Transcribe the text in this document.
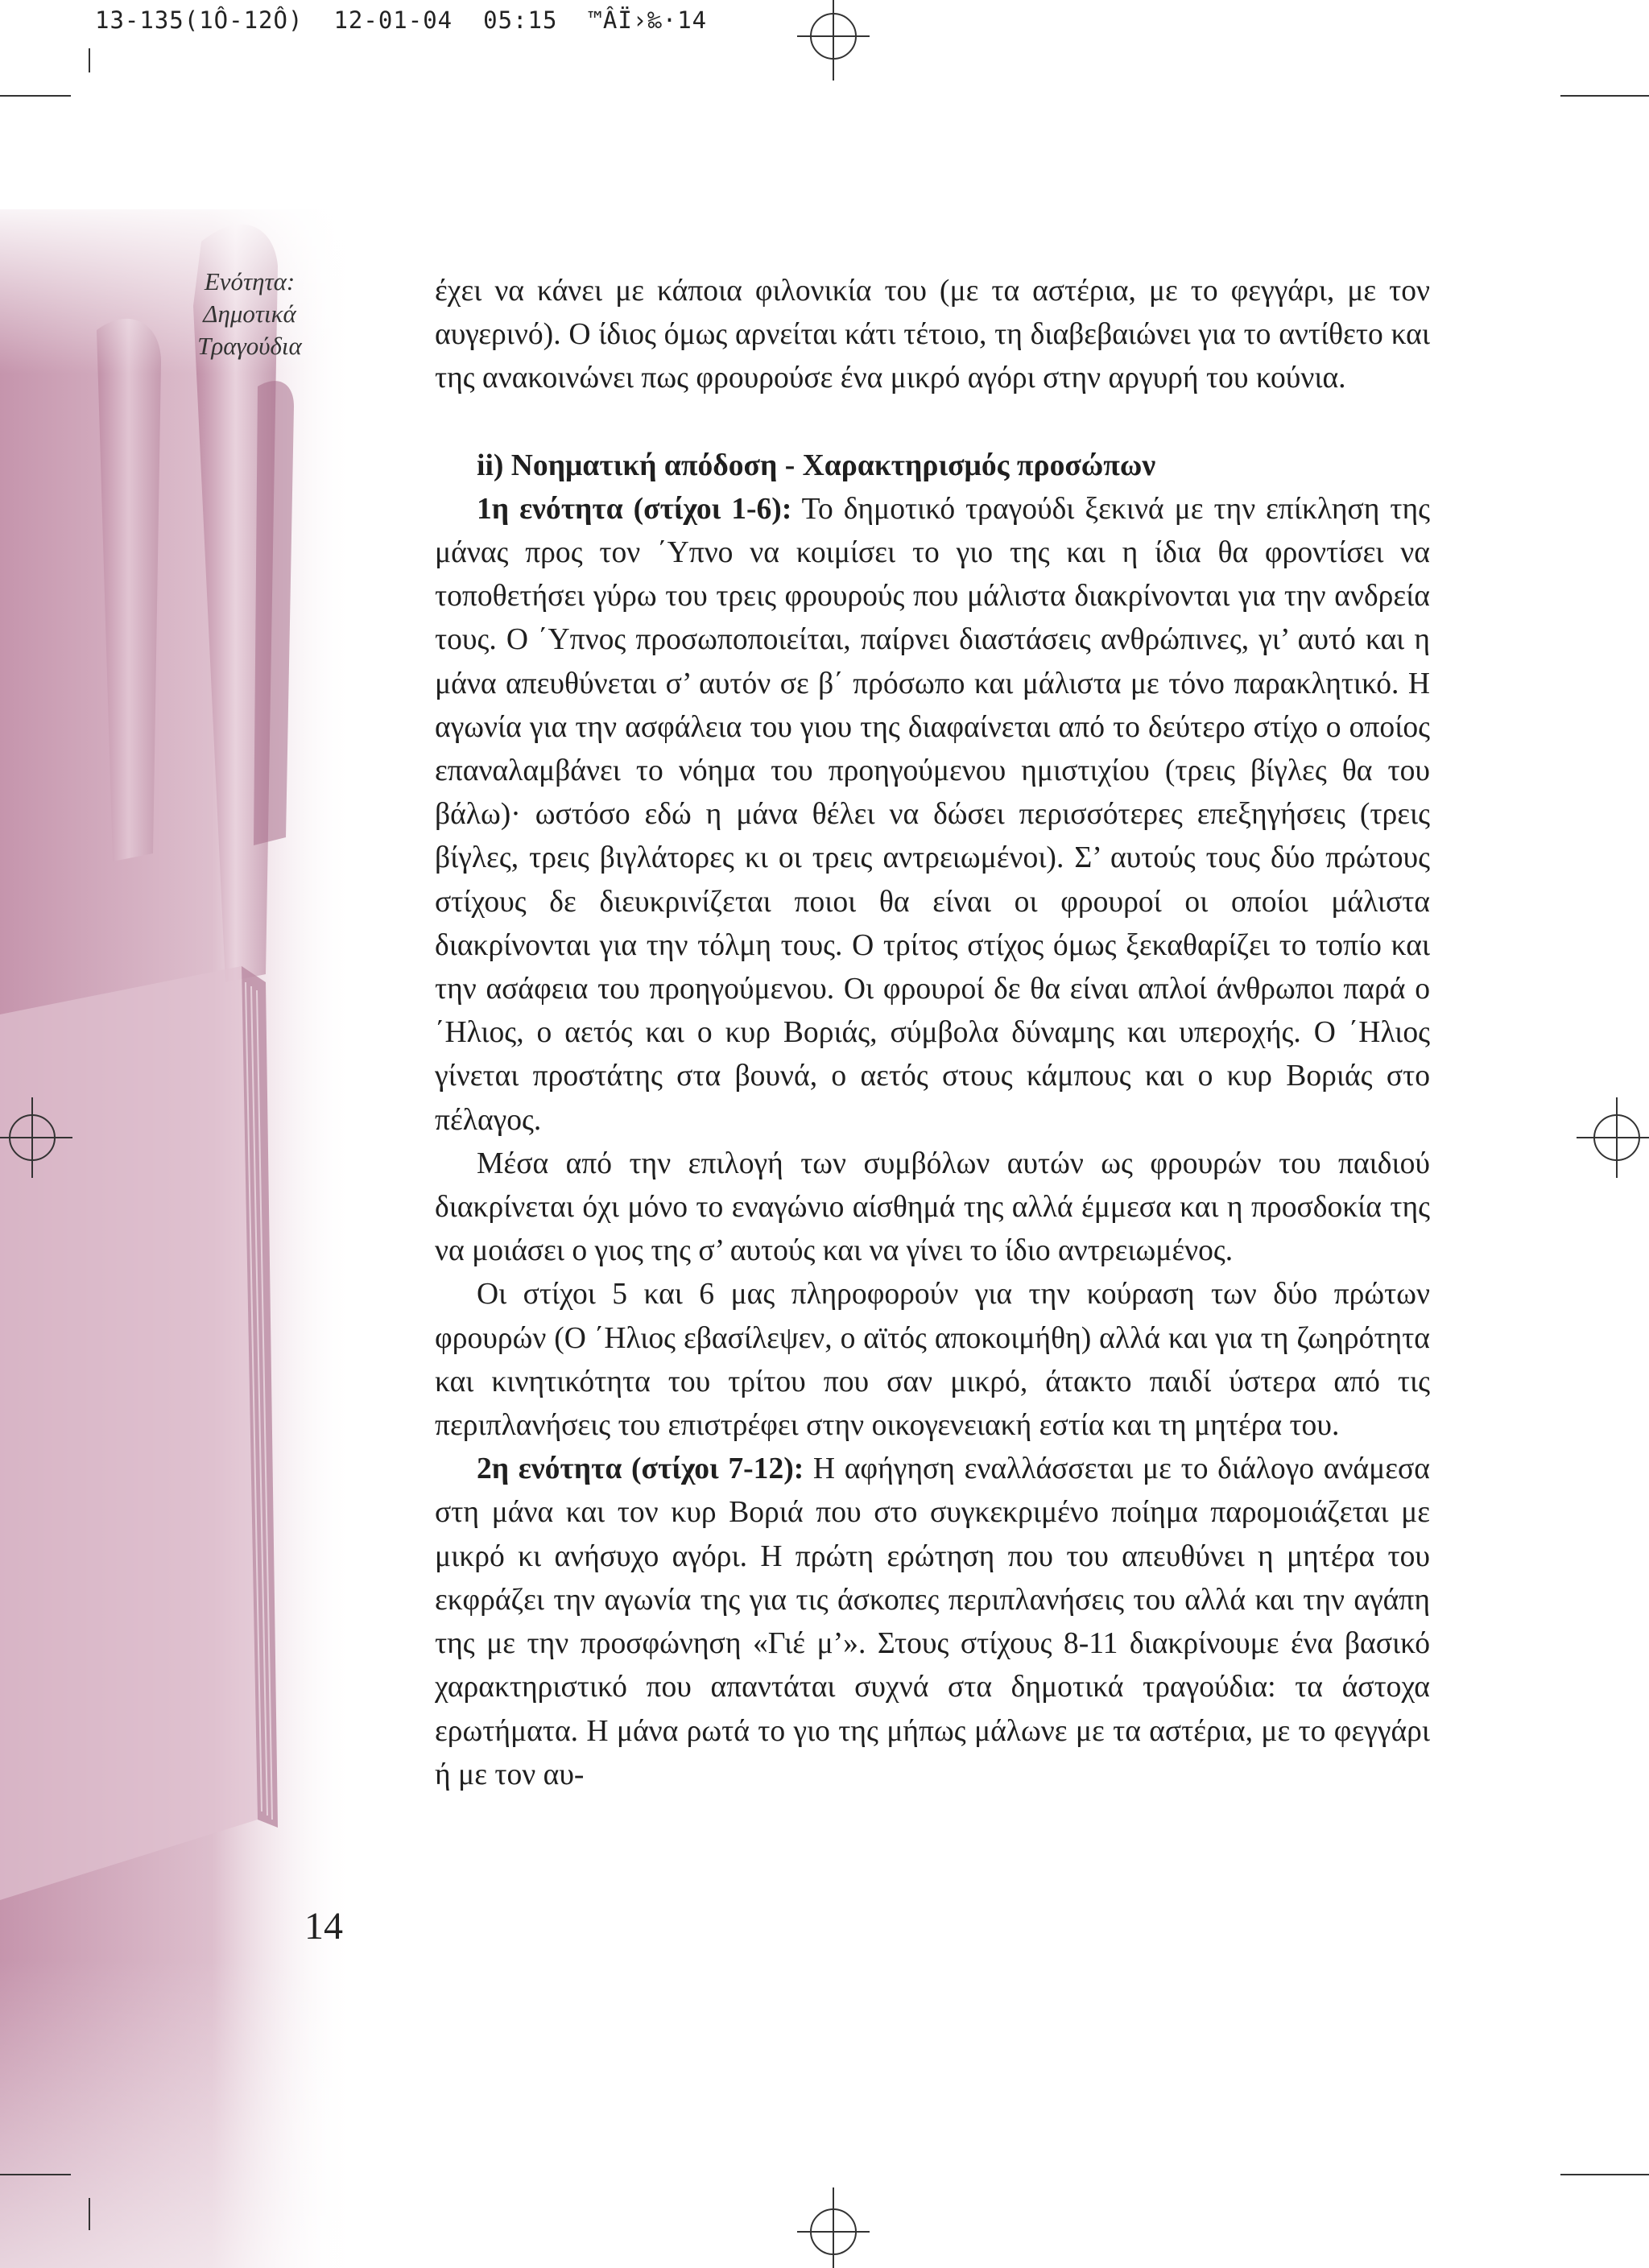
13-135(1Ô-12Ô) 12-01-04 05:15 ™ÂÏ›‰·14
Ενότητα:
Δημοτικά
Τραγούδια

έχει να κάνει με κάποια φιλονικία του (με τα αστέρια, με το φεγγάρι, με τον αυγερινό). Ο ίδιος όμως αρνείται κάτι τέτοιο, τη διαβεβαιώνει για το αντίθετο και της ανακοινώνει πως φρουρούσε ένα μικρό αγόρι στην αργυρή του κούνια.

ii) Νοηματική απόδοση - Χαρακτηρισμός προσώπων

1η ενότητα (στίχοι 1-6): Το δημοτικό τραγούδι ξεκινά με την επίκληση της μάνας προς τον ΄Υπνο να κοιμίσει το γιο της και η ίδια θα φροντίσει να τοποθετήσει γύρω του τρεις φρουρούς που μάλιστα διακρίνονται για την ανδρεία τους. Ο ΄Υπνος προσωποποιείται, παίρνει διαστάσεις ανθρώπινες, γι’ αυτό και η μάνα απευθύνεται σ’ αυτόν σε β΄ πρόσωπο και μάλιστα με τόνο παρακλητικό. Η αγωνία για την ασφάλεια του γιου της διαφαίνεται από το δεύτερο στίχο ο οποίος επαναλαμβάνει το νόημα του προηγούμενου ημιστιχίου (τρεις βίγλες θα του βάλω)· ωστόσο εδώ η μάνα θέλει να δώσει περισσότερες επεξηγήσεις (τρεις βίγλες, τρεις βιγλάτορες κι οι τρεις αντρειωμένοι). Σ’ αυτούς τους δύο πρώτους στίχους δε διευκρινίζεται ποιοι θα είναι οι φρουροί οι οποίοι μάλιστα διακρίνονται για την τόλμη τους. Ο τρίτος στίχος όμως ξεκαθαρίζει το τοπίο και την ασάφεια του προηγούμενου. Οι φρουροί δε θα είναι απλοί άνθρωποι παρά ο ΄Ηλιος, ο αετός και ο κυρ Βοριάς, σύμβολα δύναμης και υπεροχής. Ο ΄Ηλιος γίνεται προστάτης στα βουνά, ο αετός στους κάμπους και ο κυρ Βοριάς στο πέλαγος.

Μέσα από την επιλογή των συμβόλων αυτών ως φρουρών του παιδιού διακρίνεται όχι μόνο το εναγώνιο αίσθημά της αλλά έμμεσα και η προσδοκία της να μοιάσει ο γιος της σ’ αυτούς και να γίνει το ίδιο αντρειωμένος.

Οι στίχοι 5 και 6 μας πληροφορούν για την κούραση των δύο πρώτων φρουρών (Ο ΄Ηλιος εβασίλεψεν, ο αϊτός αποκοιμήθη) αλλά και για τη ζωηρότητα και κινητικότητα του τρίτου που σαν μικρό, άτακτο παιδί ύστερα από τις περιπλανήσεις του επιστρέφει στην οικογενειακή εστία και τη μητέρα του.

2η ενότητα (στίχοι 7-12): Η αφήγηση εναλλάσσεται με το διάλογο ανάμεσα στη μάνα και τον κυρ Βοριά που στο συγκεκριμένο ποίημα παρομοιάζεται με μικρό κι ανήσυχο αγόρι. Η πρώτη ερώτηση που του απευθύνει η μητέρα του εκφράζει την αγωνία της για τις άσκοπες περιπλανήσεις του αλλά και την αγάπη της με την προσφώνηση «Γιέ μ’». Στους στίχους 8-11 διακρίνουμε ένα βασικό χαρακτηριστικό που απαντάται συχνά στα δημοτικά τραγούδια: τα άστοχα ερωτήματα. Η μάνα ρωτά το γιο της μήπως μάλωνε με τα αστέρια, με το φεγγάρι ή με τον αυ-

14
